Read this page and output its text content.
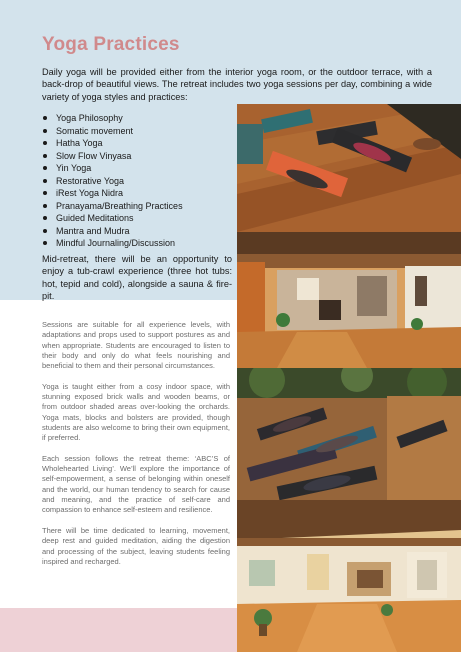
Yoga Practices

Daily yoga will be provided either from the interior yoga room, or the outdoor terrace, with a back-drop of beautiful views. The retreat includes two yoga sessions per day, combining a wide variety of yoga styles and practices:

Yoga Philosophy
Somatic movement
Hatha Yoga
Slow Flow Vinyasa
Yin Yoga
Restorative Yoga
iRest Yoga Nidra
Pranayama/Breathing Practices
Guided Meditations
Mantra and Mudra
Mindful Journaling/Discussion

Mid-retreat, there will be an opportunity to enjoy a tub-crawl experience (three hot tubs: hot, tepid and cold), alongside a sauna & fire-pit.

Sessions are suitable for all experience levels, with adaptations and props used to support postures as and when appropriate. Students are encouraged to listen to their body and only do what feels nourishing and beneficial to them and their personal circumstances.

Yoga is taught either from a cosy indoor space, with stunning exposed brick walls and wooden beams, or from outdoor shaded areas over-looking the orchards. Yoga mats, blocks and bolsters are provided, though students are also welcome to bring their own equipment, if preferred.

Each session follows the retreat theme: ‘ABC’S of Wholehearted Living’. We’ll explore the importance of self-empowerment, a sense of belonging within oneself and the world, our human tendency to search for cause and meaning, and the practice of self-care and compassion to enhance self-esteem and resilience.

There will be time dedicated to learning, movement, deep rest and guided meditation, aiding the digestion and processing of the subject, leaving students feeling inspired and recharged.
